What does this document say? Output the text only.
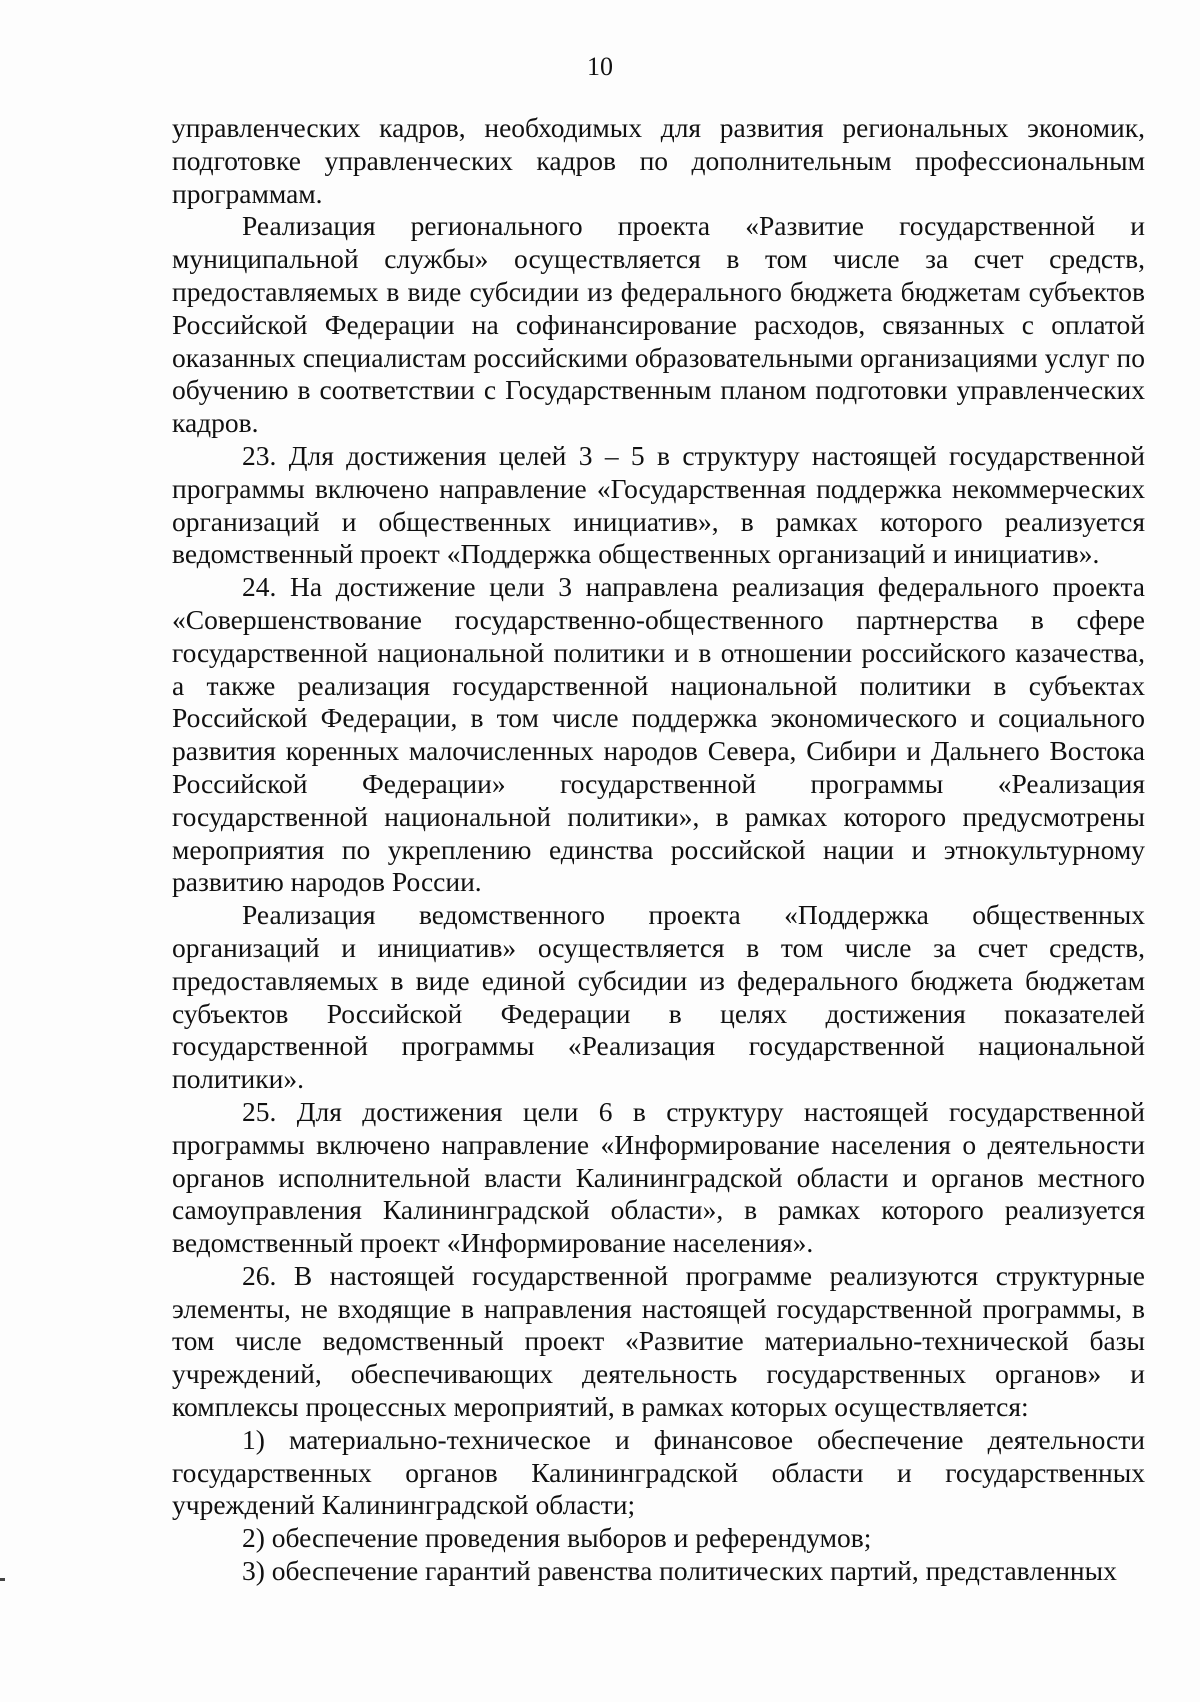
10

управленческих кадров, необходимых для развития региональных экономик, подготовке управленческих кадров по дополнительным профессиональным программам.

Реализация регионального проекта «Развитие государственной и муниципальной службы» осуществляется в том числе за счет средств, предоставляемых в виде субсидии из федерального бюджета бюджетам субъектов Российской Федерации на софинансирование расходов, связанных с оплатой оказанных специалистам российскими образовательными организациями услуг по обучению в соответствии с Государственным планом подготовки управленческих кадров.

23. Для достижения целей 3 – 5 в структуру настоящей государственной программы включено направление «Государственная поддержка некоммерческих организаций и общественных инициатив», в рамках которого реализуется ведомственный проект «Поддержка общественных организаций и инициатив».

24. На достижение цели 3 направлена реализация федерального проекта «Совершенствование государственно-общественного партнерства в сфере государственной национальной политики и в отношении российского казачества, а также реализация государственной национальной политики в субъектах Российской Федерации, в том числе поддержка экономического и социального развития коренных малочисленных народов Севера, Сибири и Дальнего Востока Российской Федерации» государственной программы «Реализация государственной национальной политики», в рамках которого предусмотрены мероприятия по укреплению единства российской нации и этнокультурному развитию народов России.

Реализация ведомственного проекта «Поддержка общественных организаций и инициатив» осуществляется в том числе за счет средств, предоставляемых в виде единой субсидии из федерального бюджета бюджетам субъектов Российской Федерации в целях достижения показателей государственной программы «Реализация государственной национальной политики».

25. Для достижения цели 6 в структуру настоящей государственной программы включено направление «Информирование населения о деятельности органов исполнительной власти Калининградской области и органов местного самоуправления Калининградской области», в рамках которого реализуется ведомственный проект «Информирование населения».

26. В настоящей государственной программе реализуются структурные элементы, не входящие в направления настоящей государственной программы, в том числе ведомственный проект «Развитие материально-технической базы учреждений, обеспечивающих деятельность государственных органов» и комплексы процессных мероприятий, в рамках которых осуществляется:

1) материально-техническое и финансовое обеспечение деятельности государственных органов Калининградской области и государственных учреждений Калининградской области;

2) обеспечение проведения выборов и референдумов;

3) обеспечение гарантий равенства политических партий, представленных
